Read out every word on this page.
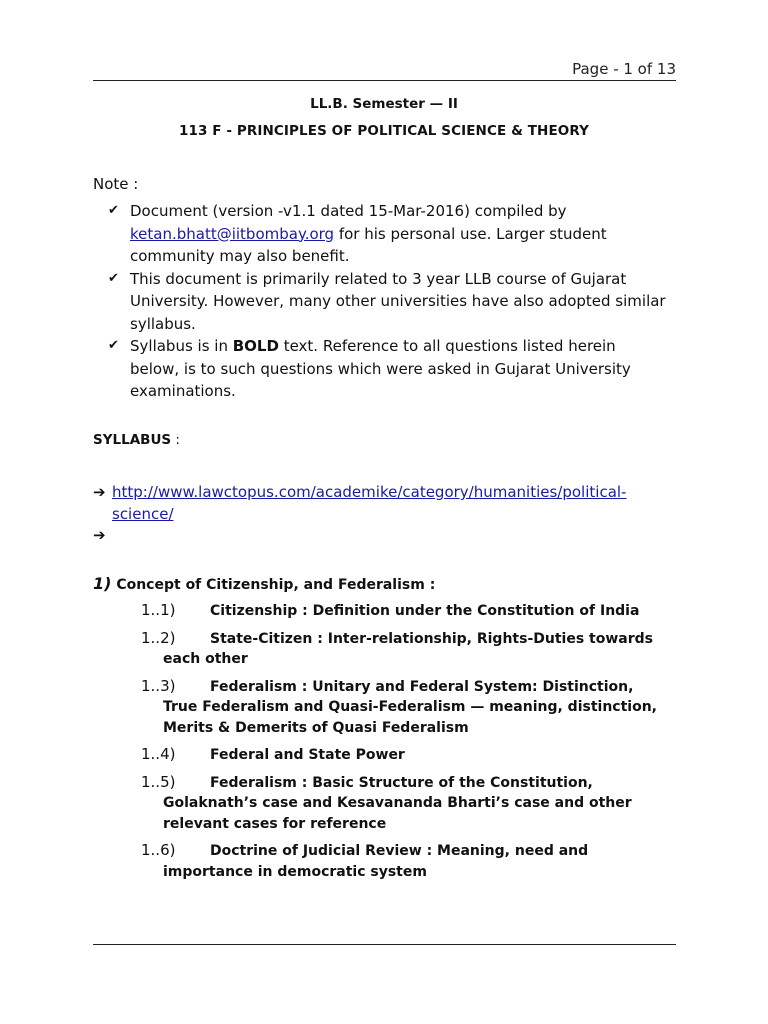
Page - 1 of 13
LL.B. Semester — II
113 F - PRINCIPLES OF POLITICAL SCIENCE & THEORY
Note :
✔ Document (version -v1.1 dated 15-Mar-2016) compiled by ketan.bhatt@iitbombay.org for his personal use. Larger student community may also benefit.
✔ This document is primarily related to 3 year LLB course of Gujarat University. However, many other universities have also adopted similar syllabus.
✔ Syllabus is in BOLD text. Reference to all questions listed herein below, is to such questions which were asked in Gujarat University examinations.
SYLLABUS :
➔ http://www.lawctopus.com/academike/category/humanities/political-science/
➔
1) Concept of Citizenship, and Federalism :
1..1) Citizenship : Definition under the Constitution of India
1..2) State-Citizen : Inter-relationship, Rights-Duties towards
each other
1..3) Federalism : Unitary and Federal System: Distinction,
True Federalism and Quasi-Federalism — meaning, distinction, Merits & Demerits of Quasi Federalism
1..4) Federal and State Power
1..5) Federalism : Basic Structure of the Constitution,
Golaknath’s case and Kesavananda Bharti’s case and other relevant cases for reference
1..6) Doctrine of Judicial Review : Meaning, need and
importance in democratic system
